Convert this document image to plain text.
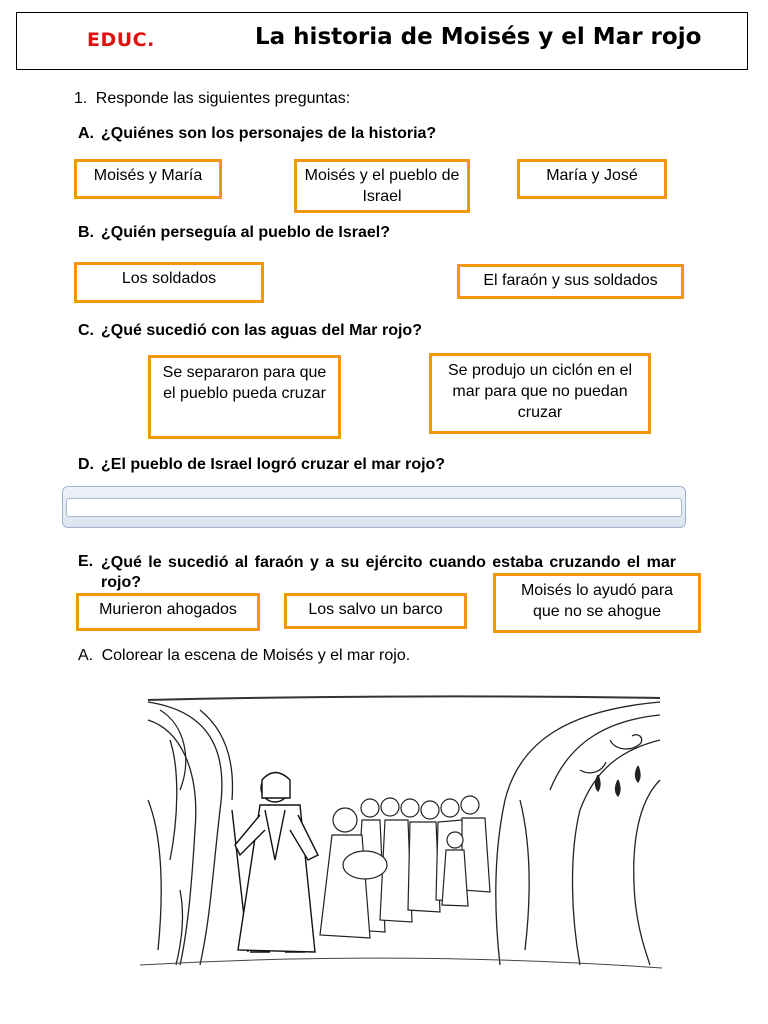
EDUC.	La historia de Moisés y el Mar rojo
1. Responde las siguientes preguntas:
A. ¿Quiénes son los personajes de la historia?
Moisés y María	Moisés y el pueblo de Israel
María y José
B. ¿Quién perseguía al pueblo de Israel?
Los soldados	El faraón y sus soldados
C. ¿Qué sucedió con las aguas del Mar rojo?
Se separaron para que el pueblo pueda cruzar
Se produjo un ciclón en el mar para que no puedan cruzar
D. ¿El pueblo de Israel logró cruzar el mar rojo?
E. ¿Qué le sucedió al faraón y a su ejército cuando estaba cruzando el mar rojo?
Murieron ahogados	Los salvo un barco
Moisés lo ayudó para que no se ahogue
A. Colorear la escena de Moisés y el mar rojo.
